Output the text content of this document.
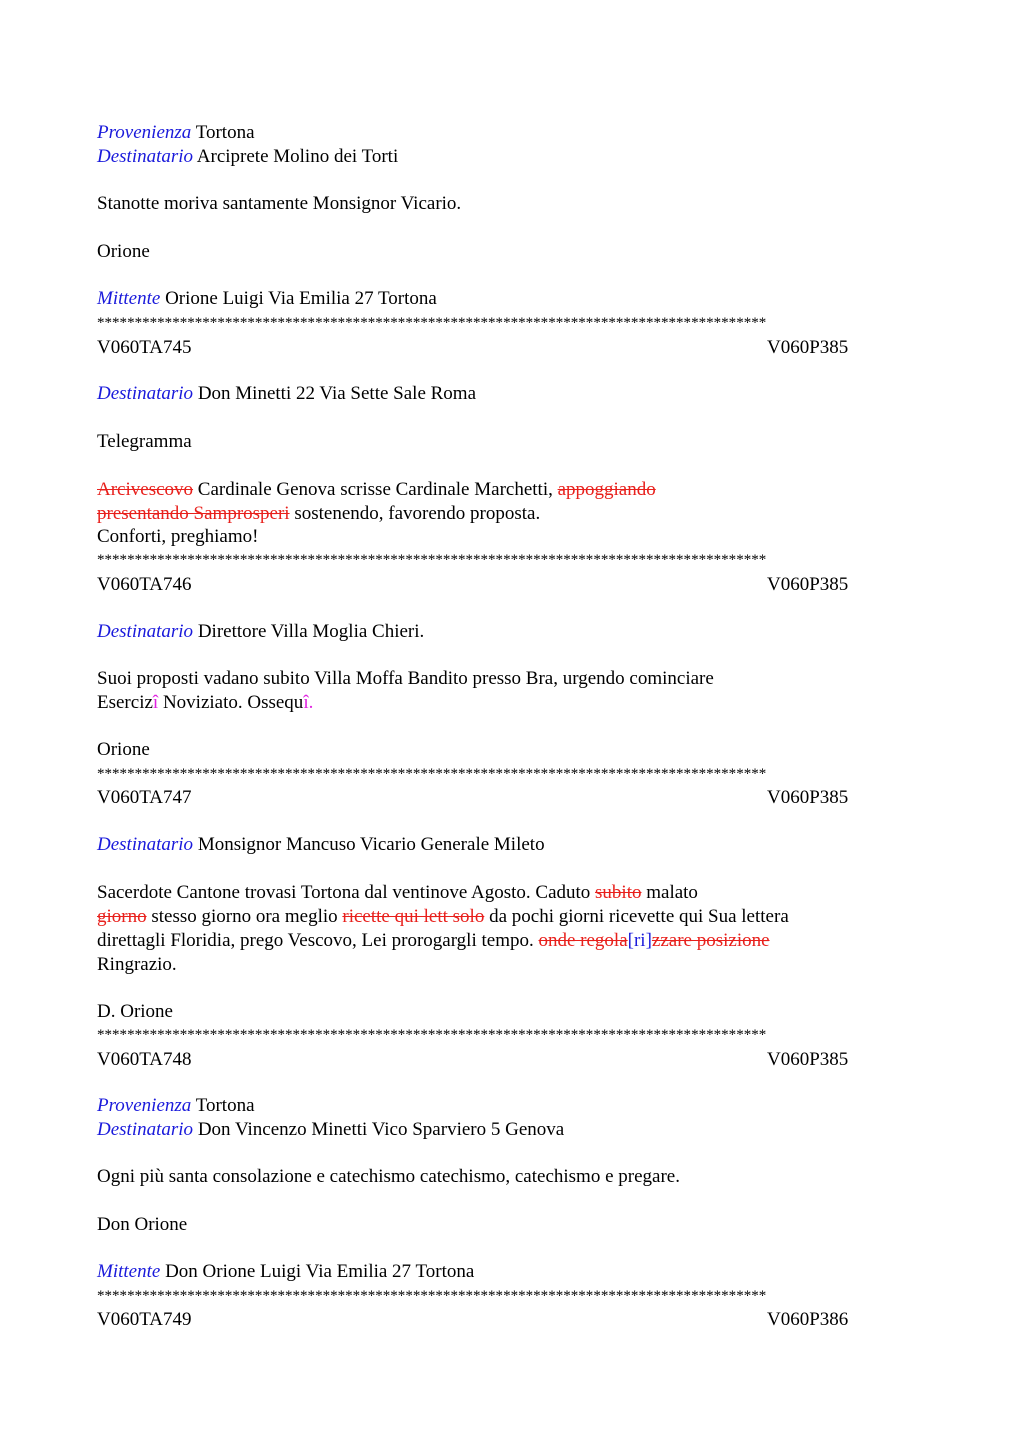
Provenienza Tortona
Destinatario Arciprete Molino dei Torti
Stanotte moriva santamente Monsignor Vicario.
Orione
Mittente Orione Luigi Via Emilia 27 Tortona
*****************************************************************************************
V060TA745	V060P385
Destinatario Don Minetti 22 Via Sette Sale Roma
Telegramma
Arcivescovo Cardinale Genova scrisse Cardinale Marchetti, appoggiando
presentando Samprosperi sostenendo, favorendo proposta.
Conforti, preghiamo!
*****************************************************************************************
V060TA746	V060P385
Destinatario Direttore Villa Moglia Chieri.
Suoi proposti vadano subito Villa Moffa Bandito presso Bra, urgendo cominciare
Esercizî Noviziato. Ossequî.
Orione
*****************************************************************************************
V060TA747	V060P385
Destinatario Monsignor Mancuso Vicario Generale Mileto
Sacerdote Cantone trovasi Tortona dal ventinove Agosto. Caduto subito malato
giorno stesso giorno ora meglio ricette qui lett solo da pochi giorni ricevette qui Sua lettera
direttagli Floridia, prego Vescovo, Lei prorogargli tempo. onde regola[ri]zzare posizione
Ringrazio.
D. Orione
*****************************************************************************************
V060TA748	V060P385
Provenienza Tortona
Destinatario Don Vincenzo Minetti Vico Sparviero 5 Genova
Ogni più santa consolazione e catechismo catechismo, catechismo e pregare.
Don Orione
Mittente Don Orione Luigi Via Emilia 27 Tortona
*****************************************************************************************
V060TA749	V060P386
